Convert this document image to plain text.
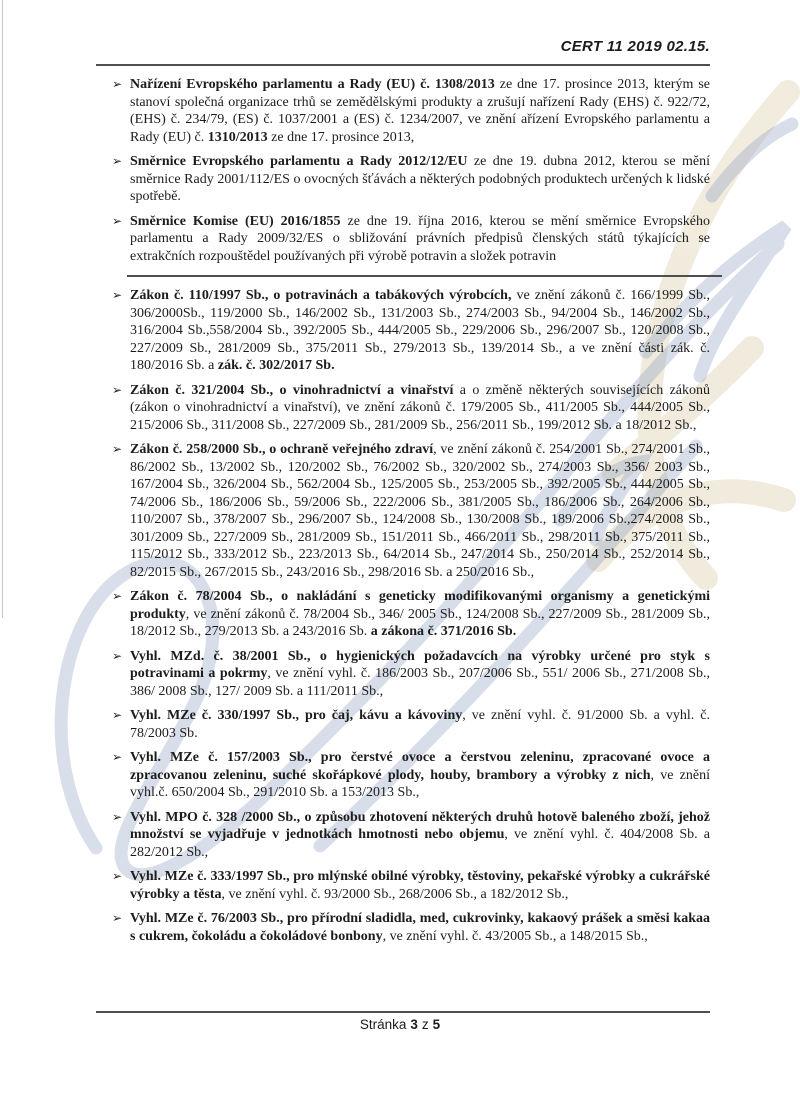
CERT 11 2019 02.15.
➢ Nařízení Evropského parlamentu a Rady (EU) č. 1308/2013 ze dne 17. prosince 2013, kterým se stanoví společná organizace trhů se zemědělskými produkty a zrušují nařízení Rady (EHS) č. 922/72, (EHS) č. 234/79, (ES) č. 1037/2001 a (ES) č. 1234/2007, ve znění ařízení Evropského parlamentu a Rady (EU) č. 1310/2013 ze dne 17. prosince 2013,
➢ Směrnice Evropského parlamentu a Rady 2012/12/EU ze dne 19. dubna 2012, kterou se mění směrnice Rady 2001/112/ES o ovocných šťávách a některých podobných produktech určených k lidské spotřebě.
➢ Směrnice Komise (EU) 2016/1855 ze dne 19. října 2016, kterou se mění směrnice Evropského parlamentu a Rady 2009/32/ES o sbližování právních předpisů členských států týkajících se extrakčních rozpouštědel používaných při výrobě potravin a složek potravin
➢ Zákon č. 110/1997 Sb., o potravinách a tabákových výrobcích, ve znění zákonů č. 166/1999 Sb., 306/2000Sb., 119/2000 Sb., 146/2002 Sb., 131/2003 Sb., 274/2003 Sb., 94/2004 Sb., 146/2002 Sb., 316/2004 Sb.,558/2004 Sb., 392/2005 Sb., 444/2005 Sb., 229/2006 Sb., 296/2007 Sb., 120/2008 Sb., 227/2009 Sb., 281/2009 Sb., 375/2011 Sb., 279/2013 Sb., 139/2014 Sb., a ve znění části zák. č. 180/2016 Sb. a zák. č. 302/2017 Sb.
➢ Zákon č. 321/2004 Sb., o vinohradnictví a vinařství a o změně některých souvisejících zákonů (zákon o vinohradnictví a vinařství), ve znění zákonů č. 179/2005 Sb., 411/2005 Sb., 444/2005 Sb., 215/2006 Sb., 311/2008 Sb., 227/2009 Sb., 281/2009 Sb., 256/2011 Sb., 199/2012 Sb. a 18/2012 Sb.,
➢ Zákon č. 258/2000 Sb., o ochraně veřejného zdraví, ve znění zákonů č. 254/2001 Sb., 274/2001 Sb., 86/2002 Sb., 13/2002 Sb., 120/2002 Sb., 76/2002 Sb., 320/2002 Sb., 274/2003 Sb., 356/ 2003 Sb., 167/2004 Sb., 326/2004 Sb., 562/2004 Sb., 125/2005 Sb., 253/2005 Sb., 392/2005 Sb., 444/2005 Sb., 74/2006 Sb., 186/2006 Sb., 59/2006 Sb., 222/2006 Sb., 381/2005 Sb., 186/2006 Sb., 264/2006 Sb., 110/2007 Sb., 378/2007 Sb., 296/2007 Sb., 124/2008 Sb., 130/2008 Sb., 189/2006 Sb.,274/2008 Sb., 301/2009 Sb., 227/2009 Sb., 281/2009 Sb., 151/2011 Sb., 466/2011 Sb., 298/2011 Sb., 375/2011 Sb., 115/2012 Sb., 333/2012 Sb., 223/2013 Sb., 64/2014 Sb., 247/2014 Sb., 250/2014 Sb., 252/2014 Sb., 82/2015 Sb., 267/2015 Sb., 243/2016 Sb., 298/2016 Sb. a 250/2016 Sb.,
➢ Zákon č. 78/2004 Sb., o nakládání s geneticky modifikovanými organismy a genetickými produkty, ve znění zákonů č. 78/2004 Sb., 346/ 2005 Sb., 124/2008 Sb., 227/2009 Sb., 281/2009 Sb., 18/2012 Sb., 279/2013 Sb. a 243/2016 Sb. a zákona č. 371/2016 Sb.
➢ Vyhl. MZd. č. 38/2001 Sb., o hygienických požadavcích na výrobky určené pro styk s potravinami a pokrmy, ve znění vyhl. č. 186/2003 Sb., 207/2006 Sb., 551/ 2006 Sb., 271/2008 Sb., 386/ 2008 Sb., 127/ 2009 Sb. a 111/2011 Sb.,
➢ Vyhl. MZe č. 330/1997 Sb., pro čaj, kávu a kávoviny, ve znění vyhl. č. 91/2000 Sb. a vyhl. č. 78/2003 Sb.
➢ Vyhl. MZe č. 157/2003 Sb., pro čerstvé ovoce a čerstvou zeleninu, zpracované ovoce a zpracovanou zeleninu, suché skořápkové plody, houby, brambory a výrobky z nich, ve znění vyhl.č. 650/2004 Sb., 291/2010 Sb. a 153/2013 Sb.,
➢ Vyhl. MPO č. 328 /2000 Sb., o způsobu zhotovení některých druhů hotově baleného zboží, jehož množství se vyjadřuje v jednotkách hmotnosti nebo objemu, ve znění vyhl. č. 404/2008 Sb. a 282/2012 Sb.,
➢ Vyhl. MZe č. 333/1997 Sb., pro mlýnské obilné výrobky, těstoviny, pekařské výrobky a cukrářské výrobky a těsta, ve znění vyhl. č. 93/2000 Sb., 268/2006 Sb., a 182/2012 Sb.,
➢ Vyhl. MZe č. 76/2003 Sb., pro přírodní sladidla, med, cukrovinky, kakaový prášek a směsi kakaa s cukrem, čokoládu a čokoládové bonbony, ve znění vyhl. č. 43/2005 Sb., a 148/2015 Sb.,
Stránka 3 z 5
